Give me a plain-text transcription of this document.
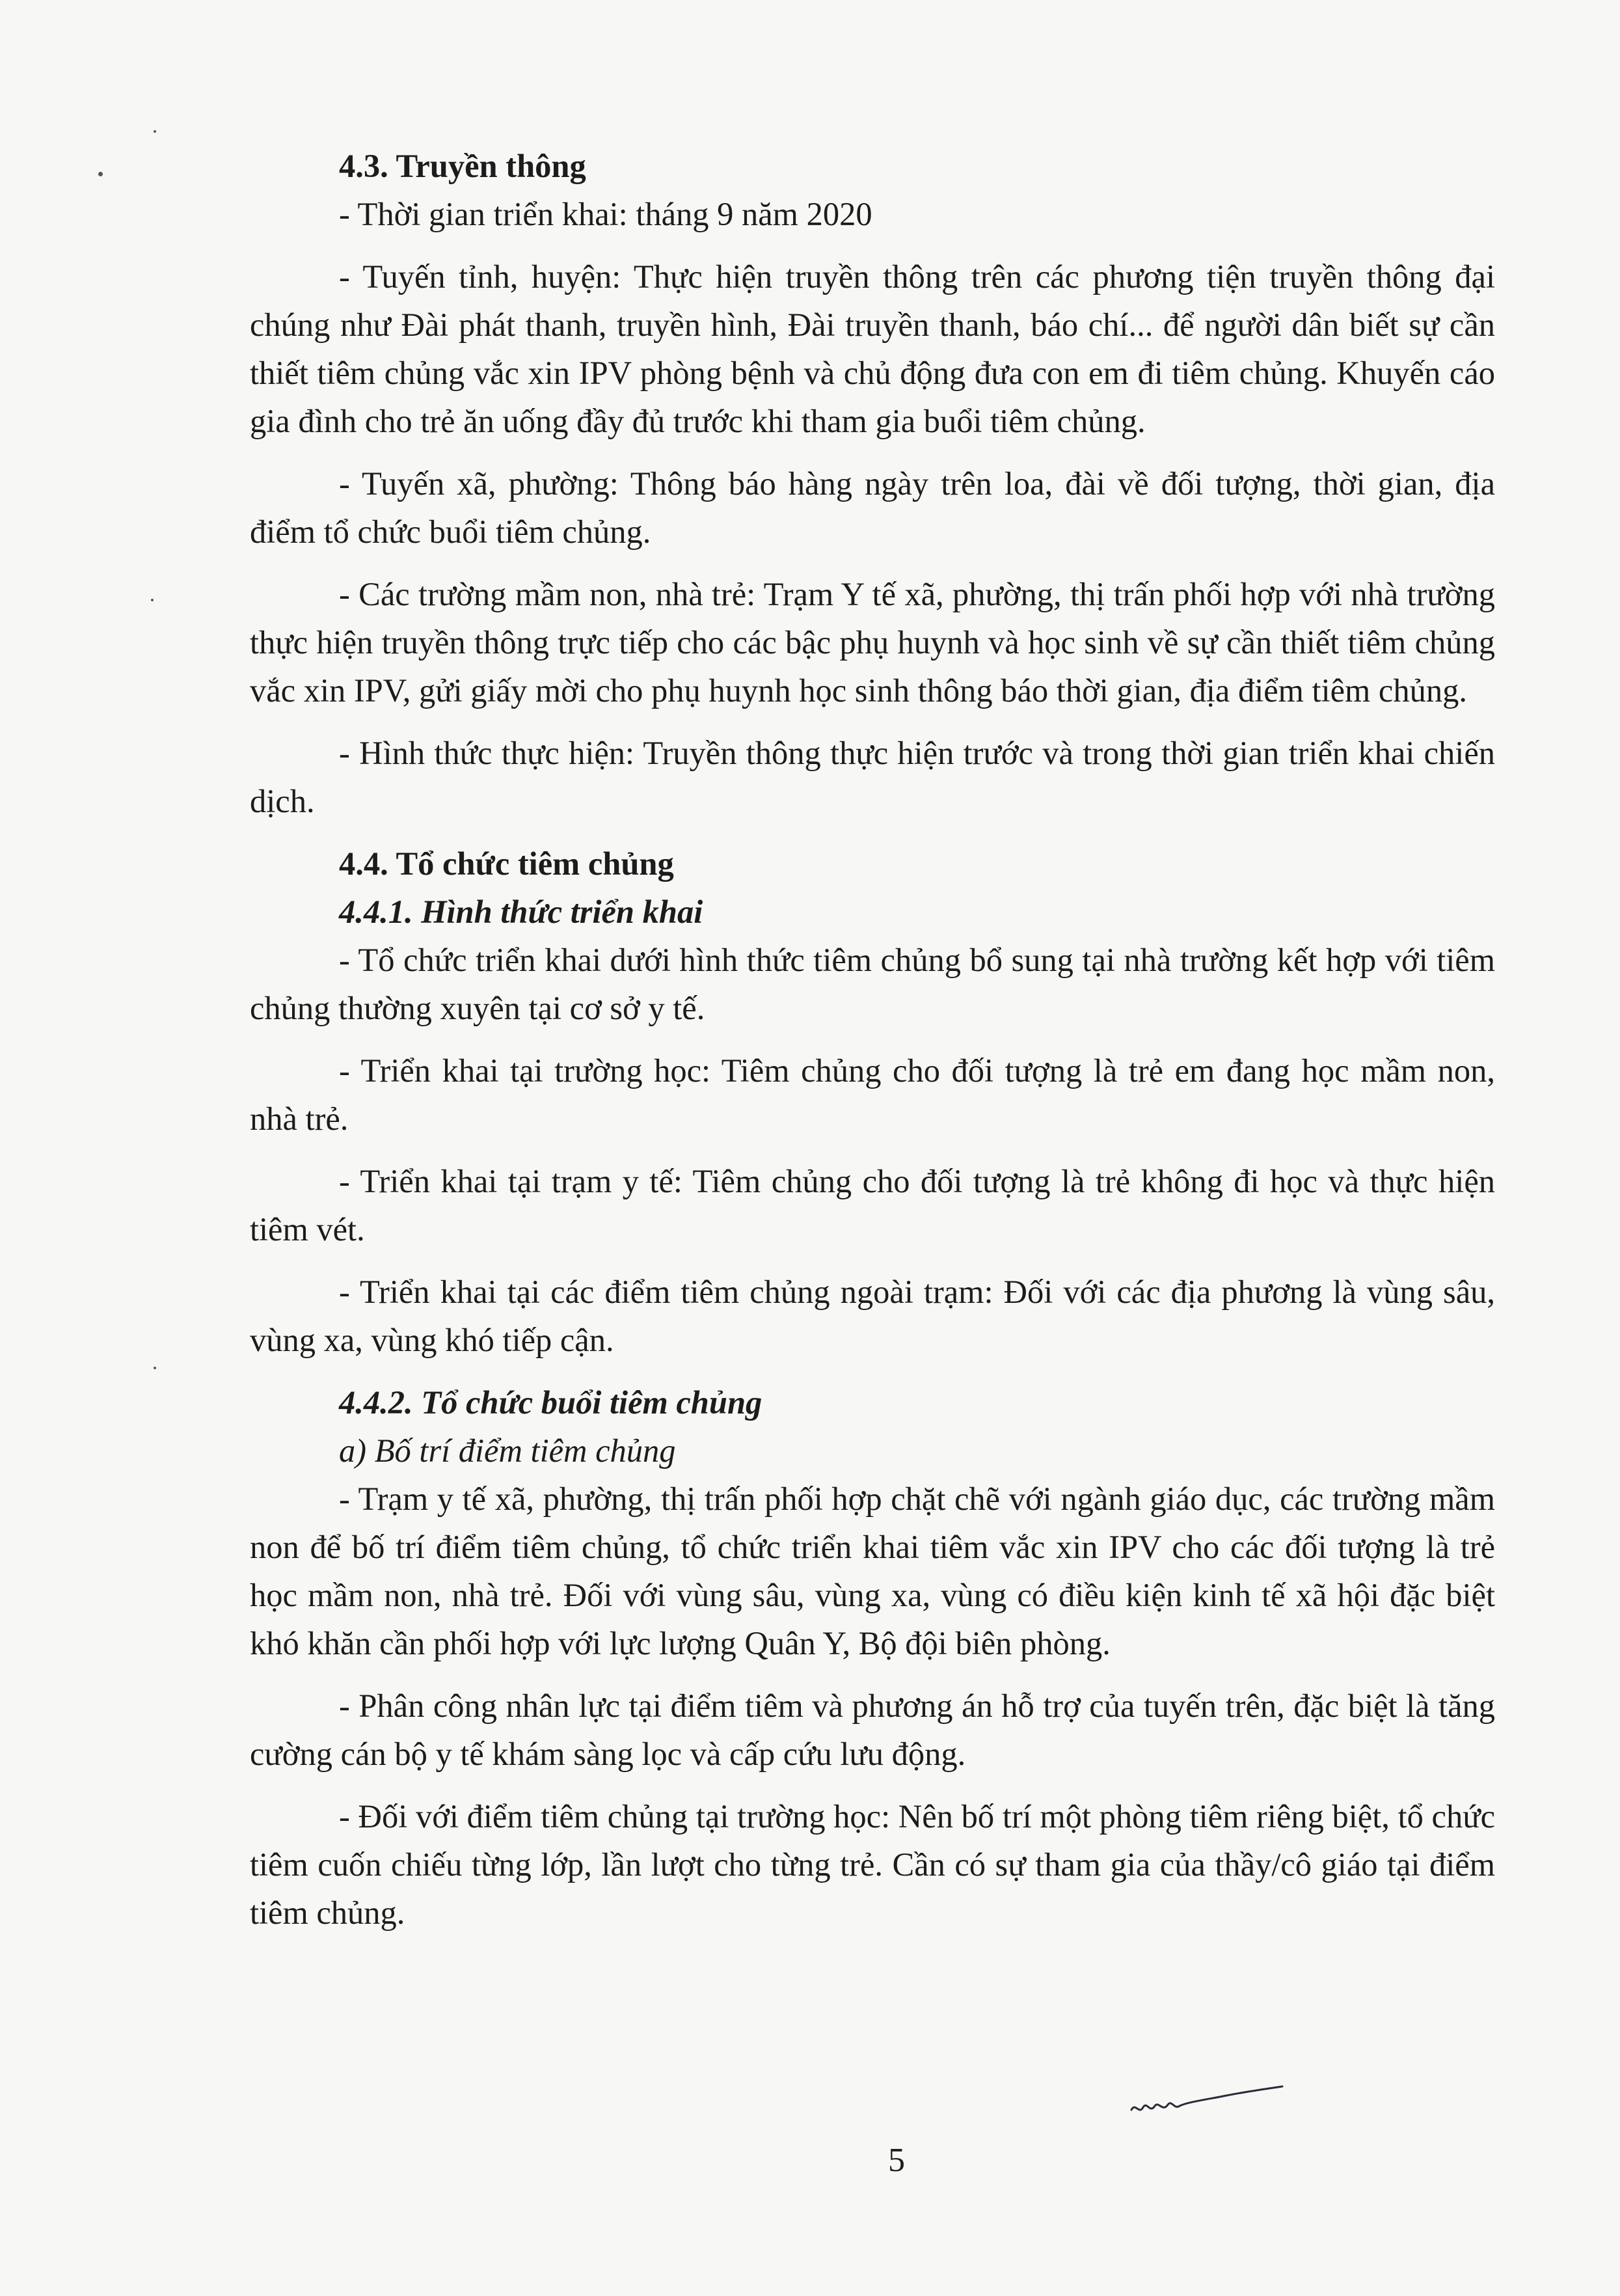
4.3. Truyền thông

- Thời gian triển khai: tháng 9 năm 2020

- Tuyến tỉnh, huyện: Thực hiện truyền thông trên các phương tiện truyền thông đại chúng như Đài phát thanh, truyền hình, Đài truyền thanh, báo chí... để người dân biết sự cần thiết tiêm chủng vắc xin IPV phòng bệnh và chủ động đưa con em đi tiêm chủng. Khuyến cáo gia đình cho trẻ ăn uống đầy đủ trước khi tham gia buổi tiêm chủng.

- Tuyến xã, phường: Thông báo hàng ngày trên loa, đài về đối tượng, thời gian, địa điểm tổ chức buổi tiêm chủng.

- Các trường mầm non, nhà trẻ: Trạm Y tế xã, phường, thị trấn phối hợp với nhà trường thực hiện truyền thông trực tiếp cho các bậc phụ huynh và học sinh về sự cần thiết tiêm chủng vắc xin IPV, gửi giấy mời cho phụ huynh học sinh thông báo thời gian, địa điểm tiêm chủng.

- Hình thức thực hiện: Truyền thông thực hiện trước và trong thời gian triển khai chiến dịch.

4.4. Tổ chức tiêm chủng

4.4.1. Hình thức triển khai

- Tổ chức triển khai dưới hình thức tiêm chủng bổ sung tại nhà trường kết hợp với tiêm chủng thường xuyên tại cơ sở y tế.

- Triển khai tại trường học: Tiêm chủng cho đối tượng là trẻ em đang học mầm non, nhà trẻ.

- Triển khai tại trạm y tế: Tiêm chủng cho đối tượng là trẻ không đi học và thực hiện tiêm vét.

- Triển khai tại các điểm tiêm chủng ngoài trạm: Đối với các địa phương là vùng sâu, vùng xa, vùng khó tiếp cận.

4.4.2. Tổ chức buổi tiêm chủng

a) Bố trí điểm tiêm chủng

- Trạm y tế xã, phường, thị trấn phối hợp chặt chẽ với ngành giáo dục, các trường mầm non để bố trí điểm tiêm chủng, tổ chức triển khai tiêm vắc xin IPV cho các đối tượng là trẻ học mầm non, nhà trẻ. Đối với vùng sâu, vùng xa, vùng có điều kiện kinh tế xã hội đặc biệt khó khăn cần phối hợp với lực lượng Quân Y, Bộ đội biên phòng.

- Phân công nhân lực tại điểm tiêm và phương án hỗ trợ của tuyến trên, đặc biệt là tăng cường cán bộ y tế khám sàng lọc và cấp cứu lưu động.

- Đối với điểm tiêm chủng tại trường học: Nên bố trí một phòng tiêm riêng biệt, tổ chức tiêm cuốn chiếu từng lớp, lần lượt cho từng trẻ. Cần có sự tham gia của thầy/cô giáo tại điểm tiêm chủng.

5
